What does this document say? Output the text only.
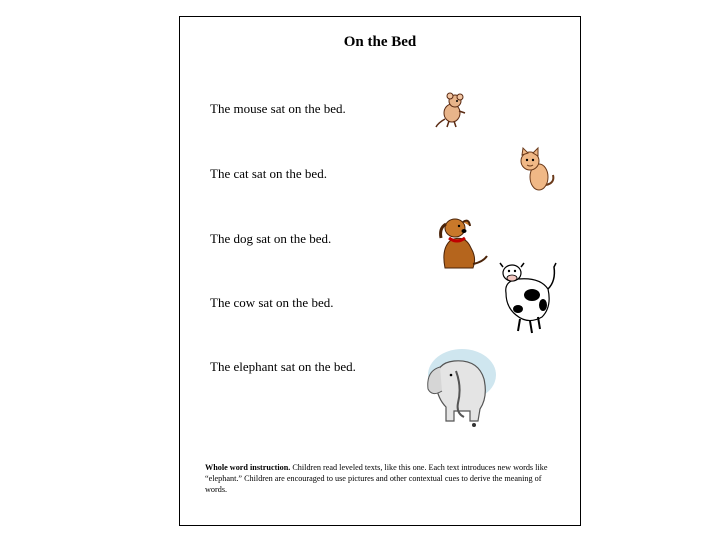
On the Bed
The mouse sat on the bed.
The cat sat on the bed.
The dog sat on the bed.
The cow sat on the bed.
The elephant sat on the bed.
Whole word instruction. Children read leveled texts, like this one. Each text introduces new words like “elephant.” Children are encouraged to use pictures and other contextual cues to derive the meaning of words.
